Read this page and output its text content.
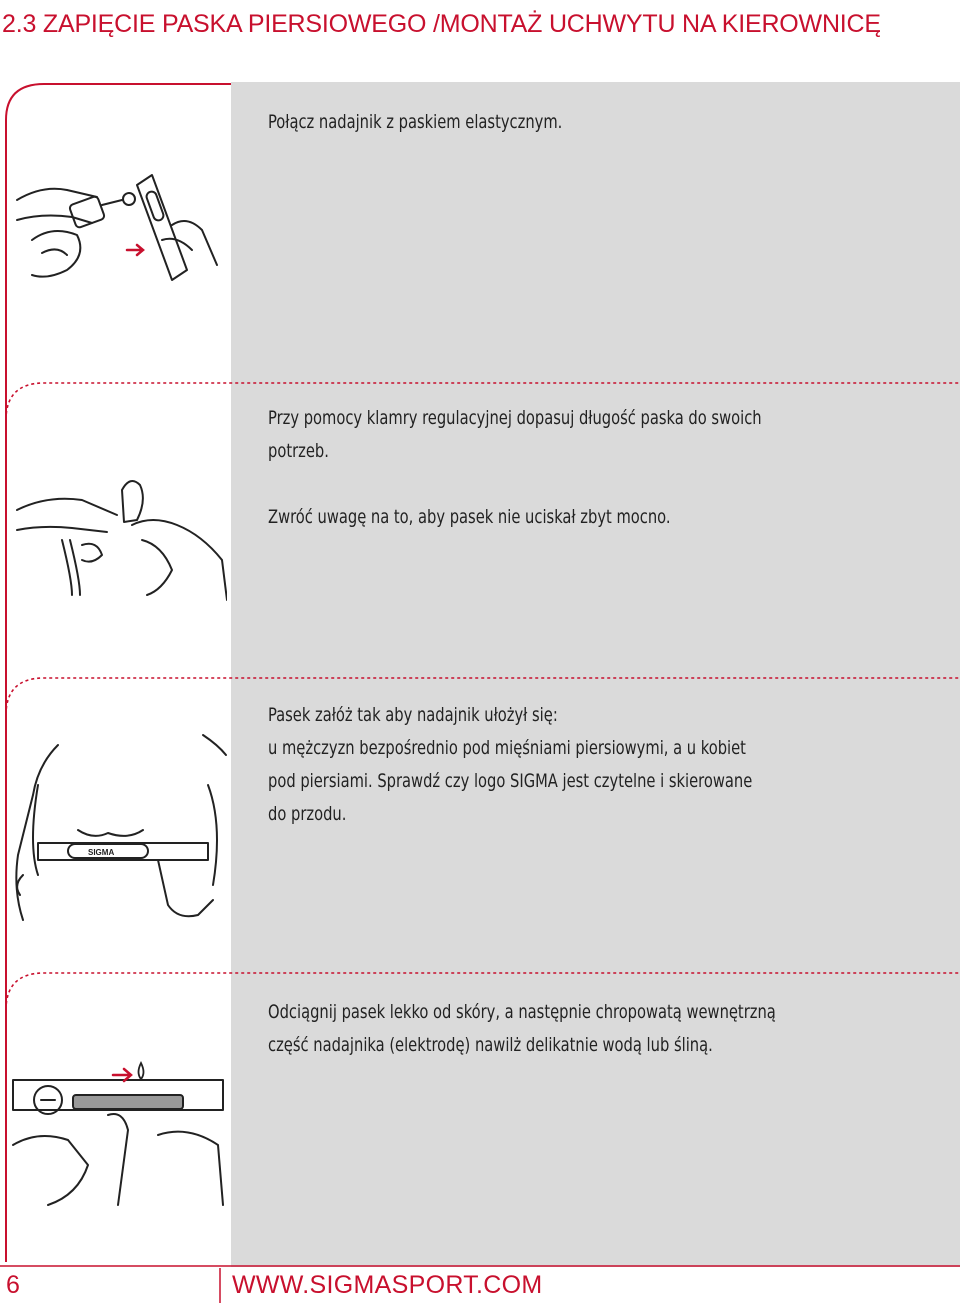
2.3 ZAPIĘCIE PASKA PIERSIOWEGO /MONTAŻ UCHWYTU NA KIEROWNICĘ
SIGMA

Połącz nadajnik z paskiem elastycznym.

Przy pomocy klamry regulacyjnej dopasuj długość paska do swoich

potrzeb.

Zwróć uwagę na to, aby pasek nie uciskał zbyt mocno.

Pasek załóż tak aby nadajnik ułożył się:

u mężczyzn bezpośrednio pod mięśniami piersiowymi, a u kobiet

pod piersiami. Sprawdź czy logo SIGMA jest czytelne i skierowane

do przodu.

Odciągnij pasek lekko od skóry, a następnie chropowatą wewnętrzną

część nadajnika (elektrodę) nawilż delikatnie wodą lub śliną.

6	WWW.SIGMASPORT.COM
